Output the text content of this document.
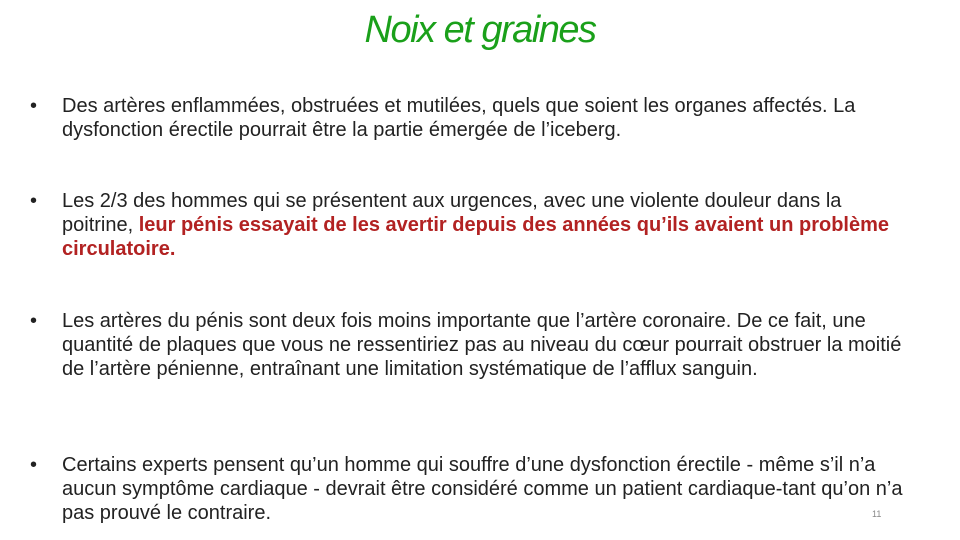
Noix et graines
• Des artères enflammées, obstruées et mutilées, quels que soient les organes affectés. La dysfonction érectile pourrait être la partie émergée de l’iceberg.
• Les 2/3 des hommes qui se présentent aux urgences, avec une violente douleur dans la poitrine, leur pénis essayait de les avertir depuis des années qu’ils avaient un problème circulatoire.
• Les artères du pénis sont deux fois moins importante que l’artère coronaire. De ce fait, une quantité de plaques que vous ne ressentiriez pas au niveau du cœur pourrait obstruer la moitié de l’artère pénienne, entraînant une limitation systématique de l’afflux sanguin.
• Certains experts pensent qu’un homme qui souffre d’une dysfonction érectile - même s’il n’a aucun symptôme cardiaque - devrait être considéré comme un patient cardiaque-tant qu’on n’a pas prouvé le contraire.	11
